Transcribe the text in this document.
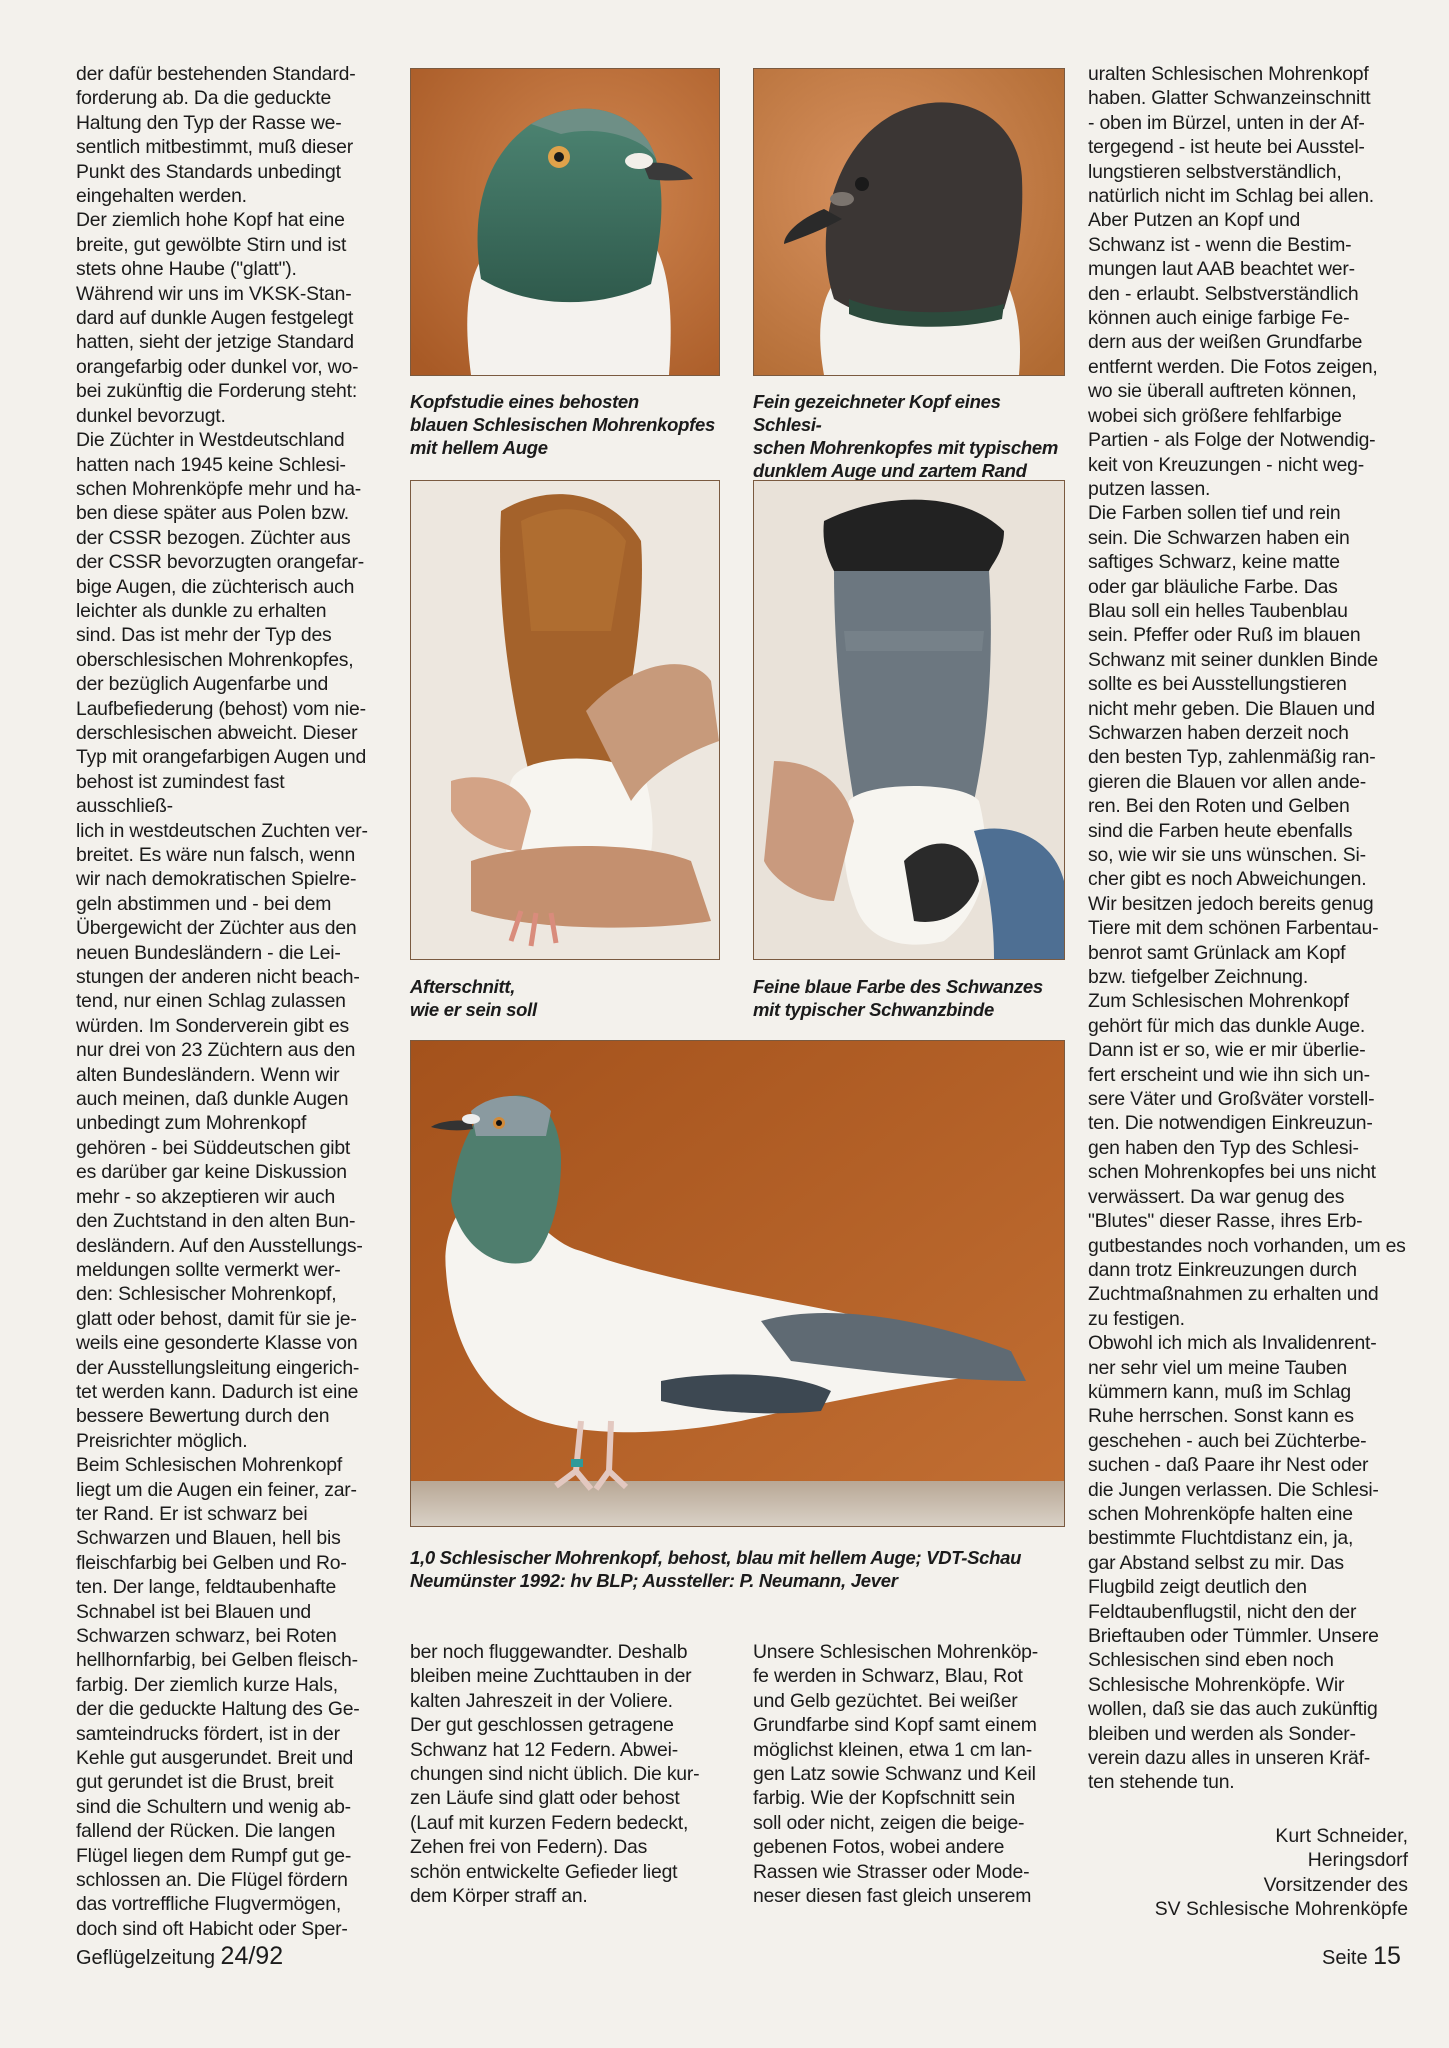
der dafür bestehenden Standard-
forderung ab. Da die geduckte
Haltung den Typ der Rasse we-
sentlich mitbestimmt, muß dieser
Punkt des Standards unbedingt
eingehalten werden.
Der ziemlich hohe Kopf hat eine
breite, gut gewölbte Stirn und ist
stets ohne Haube ("glatt").
Während wir uns im VKSK-Stan-
dard auf dunkle Augen festgelegt
hatten, sieht der jetzige Standard
orangefarbig oder dunkel vor, wo-
bei zukünftig die Forderung steht:
dunkel bevorzugt.
Die Züchter in Westdeutschland
hatten nach 1945 keine Schlesi-
schen Mohrenköpfe mehr und ha-
ben diese später aus Polen bzw.
der CSSR bezogen. Züchter aus
der CSSR bevorzugten orangefar-
bige Augen, die züchterisch auch
leichter als dunkle zu erhalten
sind. Das ist mehr der Typ des
oberschlesischen Mohrenkopfes,
der bezüglich Augenfarbe und
Laufbefiederung (behost) vom nie-
derschlesischen abweicht. Dieser
Typ mit orangefarbigen Augen und
behost ist zumindest fast ausschließ-
lich in westdeutschen Zuchten ver-
breitet. Es wäre nun falsch, wenn
wir nach demokratischen Spielre-
geln abstimmen und - bei dem
Übergewicht der Züchter aus den
neuen Bundesländern - die Lei-
stungen der anderen nicht beach-
tend, nur einen Schlag zulassen
würden. Im Sonderverein gibt es
nur drei von 23 Züchtern aus den
alten Bundesländern. Wenn wir
auch meinen, daß dunkle Augen
unbedingt zum Mohrenkopf
gehören - bei Süddeutschen gibt
es darüber gar keine Diskussion
mehr - so akzeptieren wir auch
den Zuchtstand in den alten Bun-
desländern. Auf den Ausstellungs-
meldungen sollte vermerkt wer-
den: Schlesischer Mohrenkopf,
glatt oder behost, damit für sie je-
weils eine gesonderte Klasse von
der Ausstellungsleitung eingerich-
tet werden kann. Dadurch ist eine
bessere Bewertung durch den
Preisrichter möglich.
Beim Schlesischen Mohrenkopf
liegt um die Augen ein feiner, zar-
ter Rand. Er ist schwarz bei
Schwarzen und Blauen, hell bis
fleischfarbig bei Gelben und Ro-
ten. Der lange, feldtaubenhafte
Schnabel ist bei Blauen und
Schwarzen schwarz, bei Roten
hellhornfarbig, bei Gelben fleisch-
farbig. Der ziemlich kurze Hals,
der die geduckte Haltung des Ge-
samteindrucks fördert, ist in der
Kehle gut ausgerundet. Breit und
gut gerundet ist die Brust, breit
sind die Schultern und wenig ab-
fallend der Rücken. Die langen
Flügel liegen dem Rumpf gut ge-
schlossen an. Die Flügel fördern
das vortreffliche Flugvermögen,
doch sind oft Habicht oder Sper-

Kopfstudie eines behosten
blauen Schlesischen Mohrenkopfes
mit hellem Auge

Fein gezeichneter Kopf eines Schlesi-
schen Mohrenkopfes mit typischem
dunklem Auge und zartem Rand

Afterschnitt,
wie er sein soll

Feine blaue Farbe des Schwanzes
mit typischer Schwanzbinde

1,0 Schlesischer Mohrenkopf, behost, blau mit hellem Auge; VDT-Schau
Neumünster 1992: hv BLP; Aussteller: P. Neumann, Jever

ber noch fluggewandter. Deshalb
bleiben meine Zuchttauben in der
kalten Jahreszeit in der Voliere.
Der gut geschlossen getragene
Schwanz hat 12 Federn. Abwei-
chungen sind nicht üblich. Die kur-
zen Läufe sind glatt oder behost
(Lauf mit kurzen Federn bedeckt,
Zehen frei von Federn). Das
schön entwickelte Gefieder liegt
dem Körper straff an.

Unsere Schlesischen Mohrenköp-
fe werden in Schwarz, Blau, Rot
und Gelb gezüchtet. Bei weißer
Grundfarbe sind Kopf samt einem
möglichst kleinen, etwa 1 cm lan-
gen Latz sowie Schwanz und Keil
farbig. Wie der Kopfschnitt sein
soll oder nicht, zeigen die beige-
gebenen Fotos, wobei andere
Rassen wie Strasser oder Mode-
neser diesen fast gleich unserem

uralten Schlesischen Mohrenkopf
haben. Glatter Schwanzeinschnitt
- oben im Bürzel, unten in der Af-
tergegend - ist heute bei Ausstel-
lungstieren selbstverständlich,
natürlich nicht im Schlag bei allen.
Aber Putzen an Kopf und
Schwanz ist - wenn die Bestim-
mungen laut AAB beachtet wer-
den - erlaubt. Selbstverständlich
können auch einige farbige Fe-
dern aus der weißen Grundfarbe
entfernt werden. Die Fotos zeigen,
wo sie überall auftreten können,
wobei sich größere fehlfarbige
Partien - als Folge der Notwendig-
keit von Kreuzungen - nicht weg-
putzen lassen.
Die Farben sollen tief und rein
sein. Die Schwarzen haben ein
saftiges Schwarz, keine matte
oder gar bläuliche Farbe. Das
Blau soll ein helles Taubenblau
sein. Pfeffer oder Ruß im blauen
Schwanz mit seiner dunklen Binde
sollte es bei Ausstellungstieren
nicht mehr geben. Die Blauen und
Schwarzen haben derzeit noch
den besten Typ, zahlenmäßig ran-
gieren die Blauen vor allen ande-
ren. Bei den Roten und Gelben
sind die Farben heute ebenfalls
so, wie wir sie uns wünschen. Si-
cher gibt es noch Abweichungen.
Wir besitzen jedoch bereits genug
Tiere mit dem schönen Farbentau-
benrot samt Grünlack am Kopf
bzw. tiefgelber Zeichnung.
Zum Schlesischen Mohrenkopf
gehört für mich das dunkle Auge.
Dann ist er so, wie er mir überlie-
fert erscheint und wie ihn sich un-
sere Väter und Großväter vorstell-
ten. Die notwendigen Einkreuzun-
gen haben den Typ des Schlesi-
schen Mohrenkopfes bei uns nicht
verwässert. Da war genug des
"Blutes" dieser Rasse, ihres Erb-
gutbestandes noch vorhanden, um es
dann trotz Einkreuzungen durch
Zuchtmaßnahmen zu erhalten und
zu festigen.
Obwohl ich mich als Invalidenrent-
ner sehr viel um meine Tauben
kümmern kann, muß im Schlag
Ruhe herrschen. Sonst kann es
geschehen - auch bei Züchterbe-
suchen - daß Paare ihr Nest oder
die Jungen verlassen. Die Schlesi-
schen Mohrenköpfe halten eine
bestimmte Fluchtdistanz ein, ja,
gar Abstand selbst zu mir. Das
Flugbild zeigt deutlich den
Feldtaubenflugstil, nicht den der
Brieftauben oder Tümmler. Unsere
Schlesischen sind eben noch
Schlesische Mohrenköpfe. Wir
wollen, daß sie das auch zukünftig
bleiben und werden als Sonder-
verein dazu alles in unseren Kräf-
ten stehende tun.

Kurt Schneider,
Heringsdorf
Vorsitzender des
SV Schlesische Mohrenköpfe
Geflügelzeitung 24/92	Seite 15
